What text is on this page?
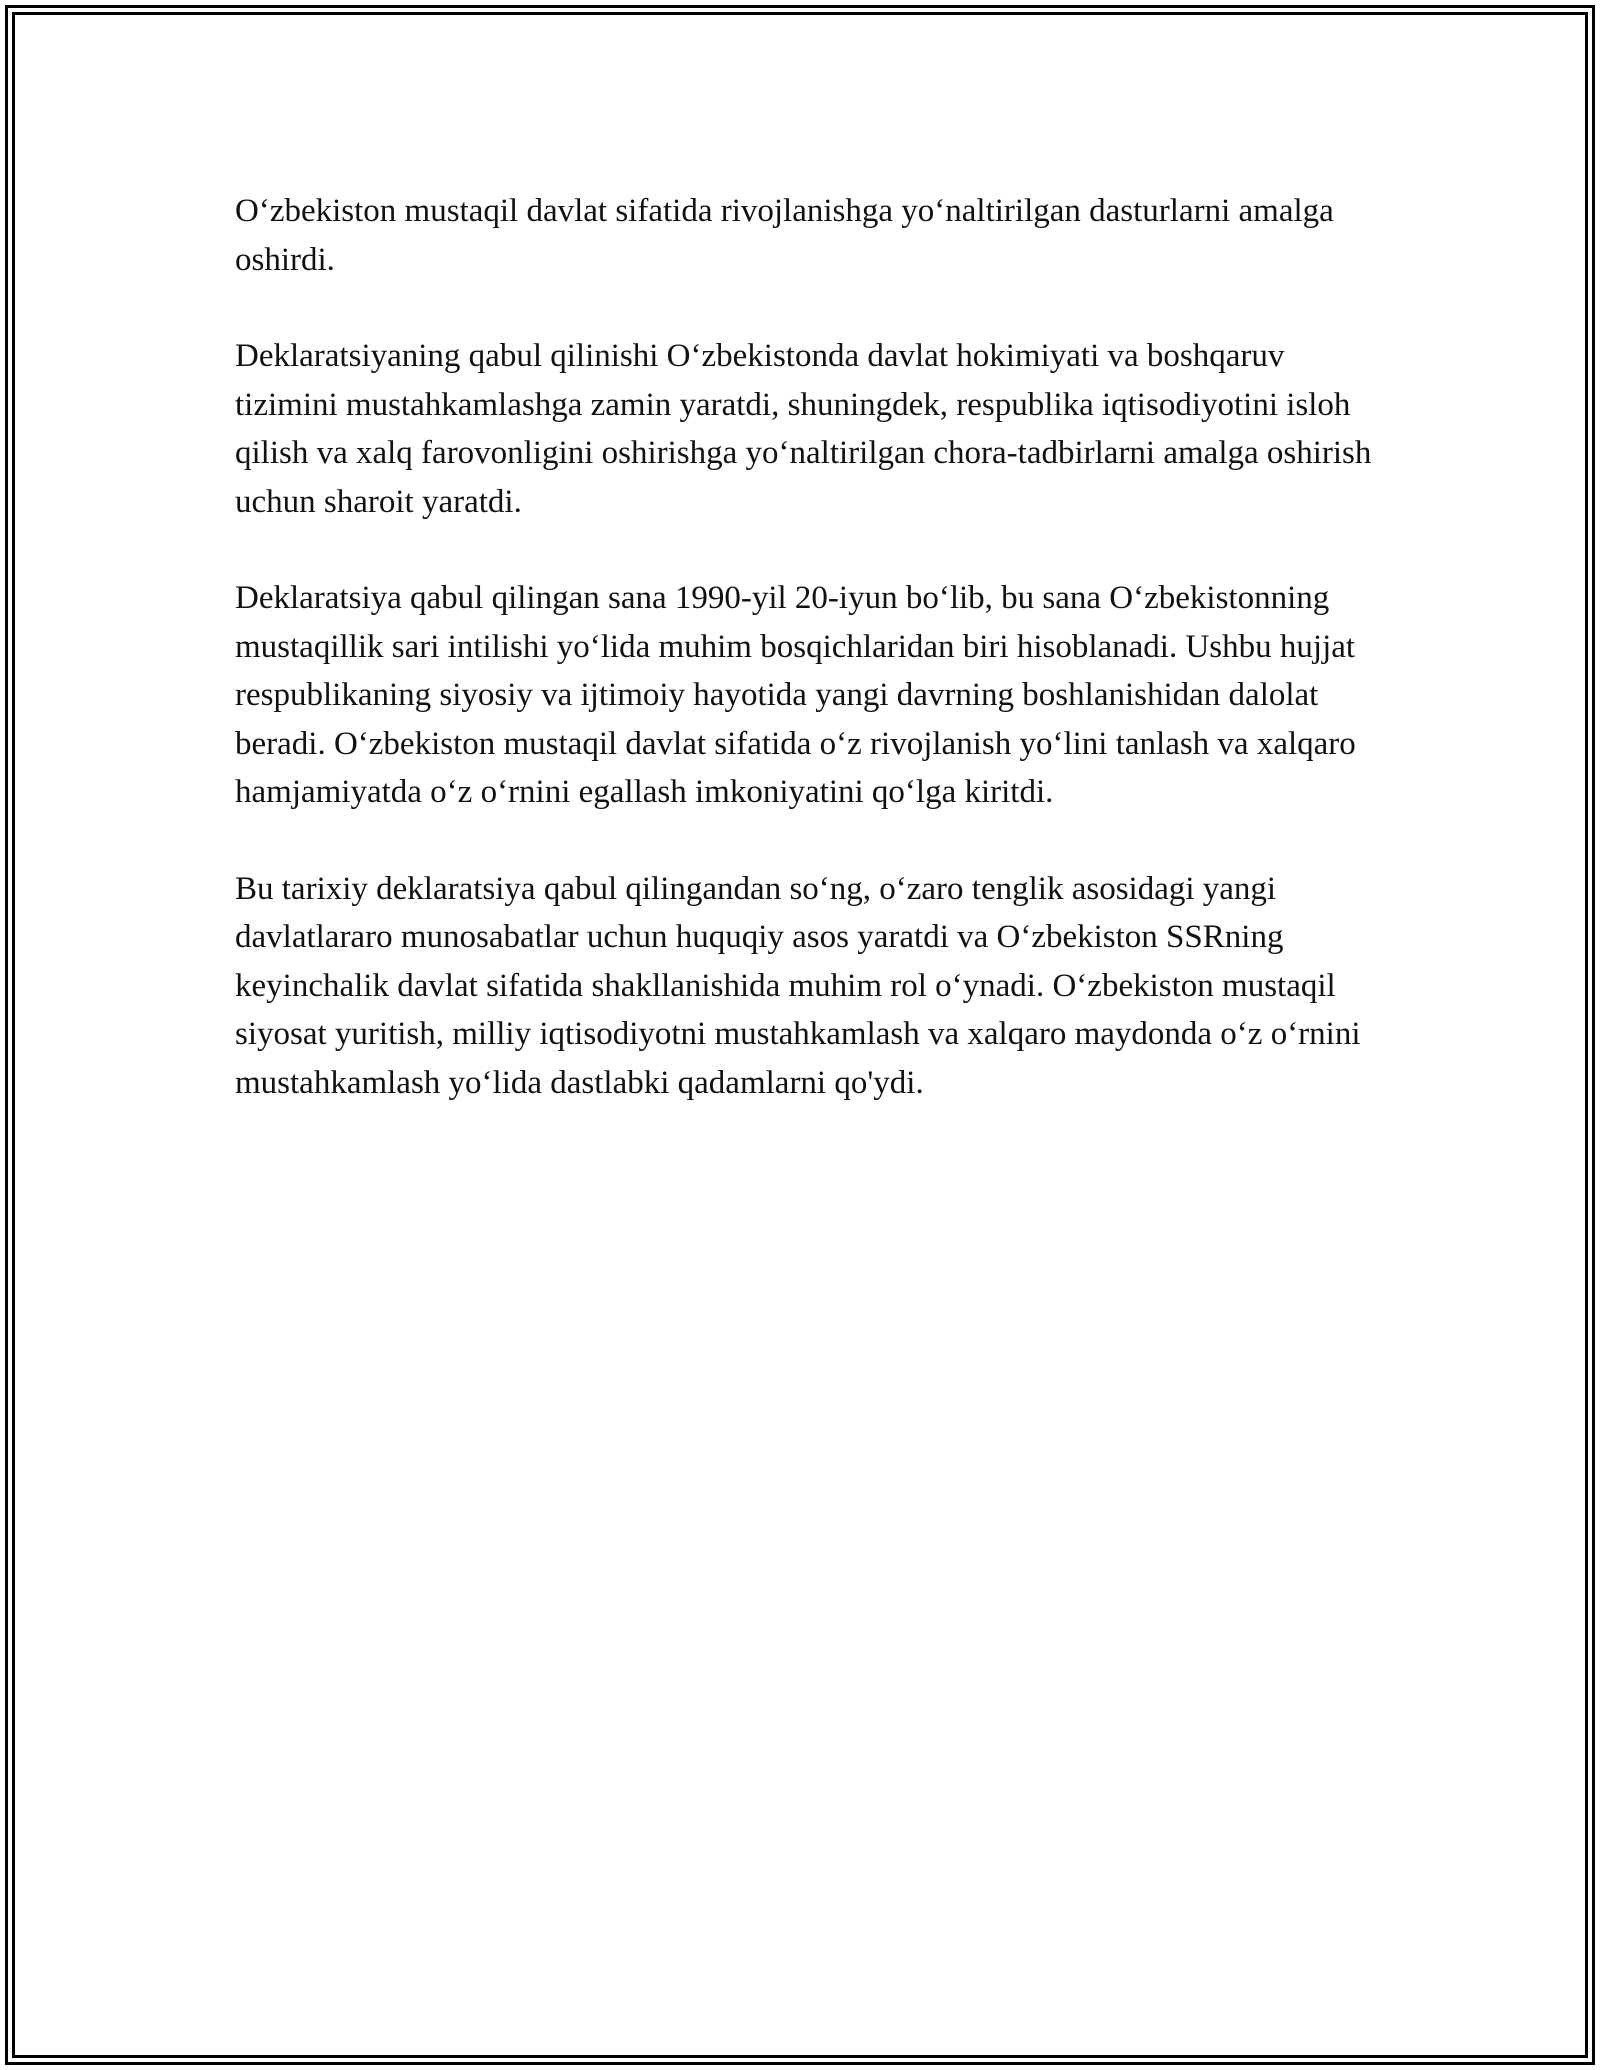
Oʻzbekiston mustaqil davlat sifatida rivojlanishga yoʻnaltirilgan dasturlarni amalga oshirdi.

Deklaratsiyaning qabul qilinishi Oʻzbekistonda davlat hokimiyati va boshqaruv tizimini mustahkamlashga zamin yaratdi, shuningdek, respublika iqtisodiyotini isloh qilish va xalq farovonligini oshirishga yoʻnaltirilgan chora-tadbirlarni amalga oshirish uchun sharoit yaratdi.

Deklaratsiya qabul qilingan sana 1990-yil 20-iyun boʻlib, bu sana Oʻzbekistonning mustaqillik sari intilishi yoʻlida muhim bosqichlaridan biri hisoblanadi. Ushbu hujjat respublikaning siyosiy va ijtimoiy hayotida yangi davrning boshlanishidan dalolat beradi. Oʻzbekiston mustaqil davlat sifatida oʻz rivojlanish yoʻlini tanlash va xalqaro hamjamiyatda oʻz oʻrnini egallash imkoniyatini qoʻlga kiritdi.

Bu tarixiy deklaratsiya qabul qilingandan soʻng, oʻzaro tenglik asosidagi yangi davlatlararo munosabatlar uchun huquqiy asos yaratdi va Oʻzbekiston SSRning keyinchalik davlat sifatida shakllanishida muhim rol oʻynadi. Oʻzbekiston mustaqil siyosat yuritish, milliy iqtisodiyotni mustahkamlash va xalqaro maydonda oʻz oʻrnini mustahkamlash yoʻlida dastlabki qadamlarni qo'ydi.
